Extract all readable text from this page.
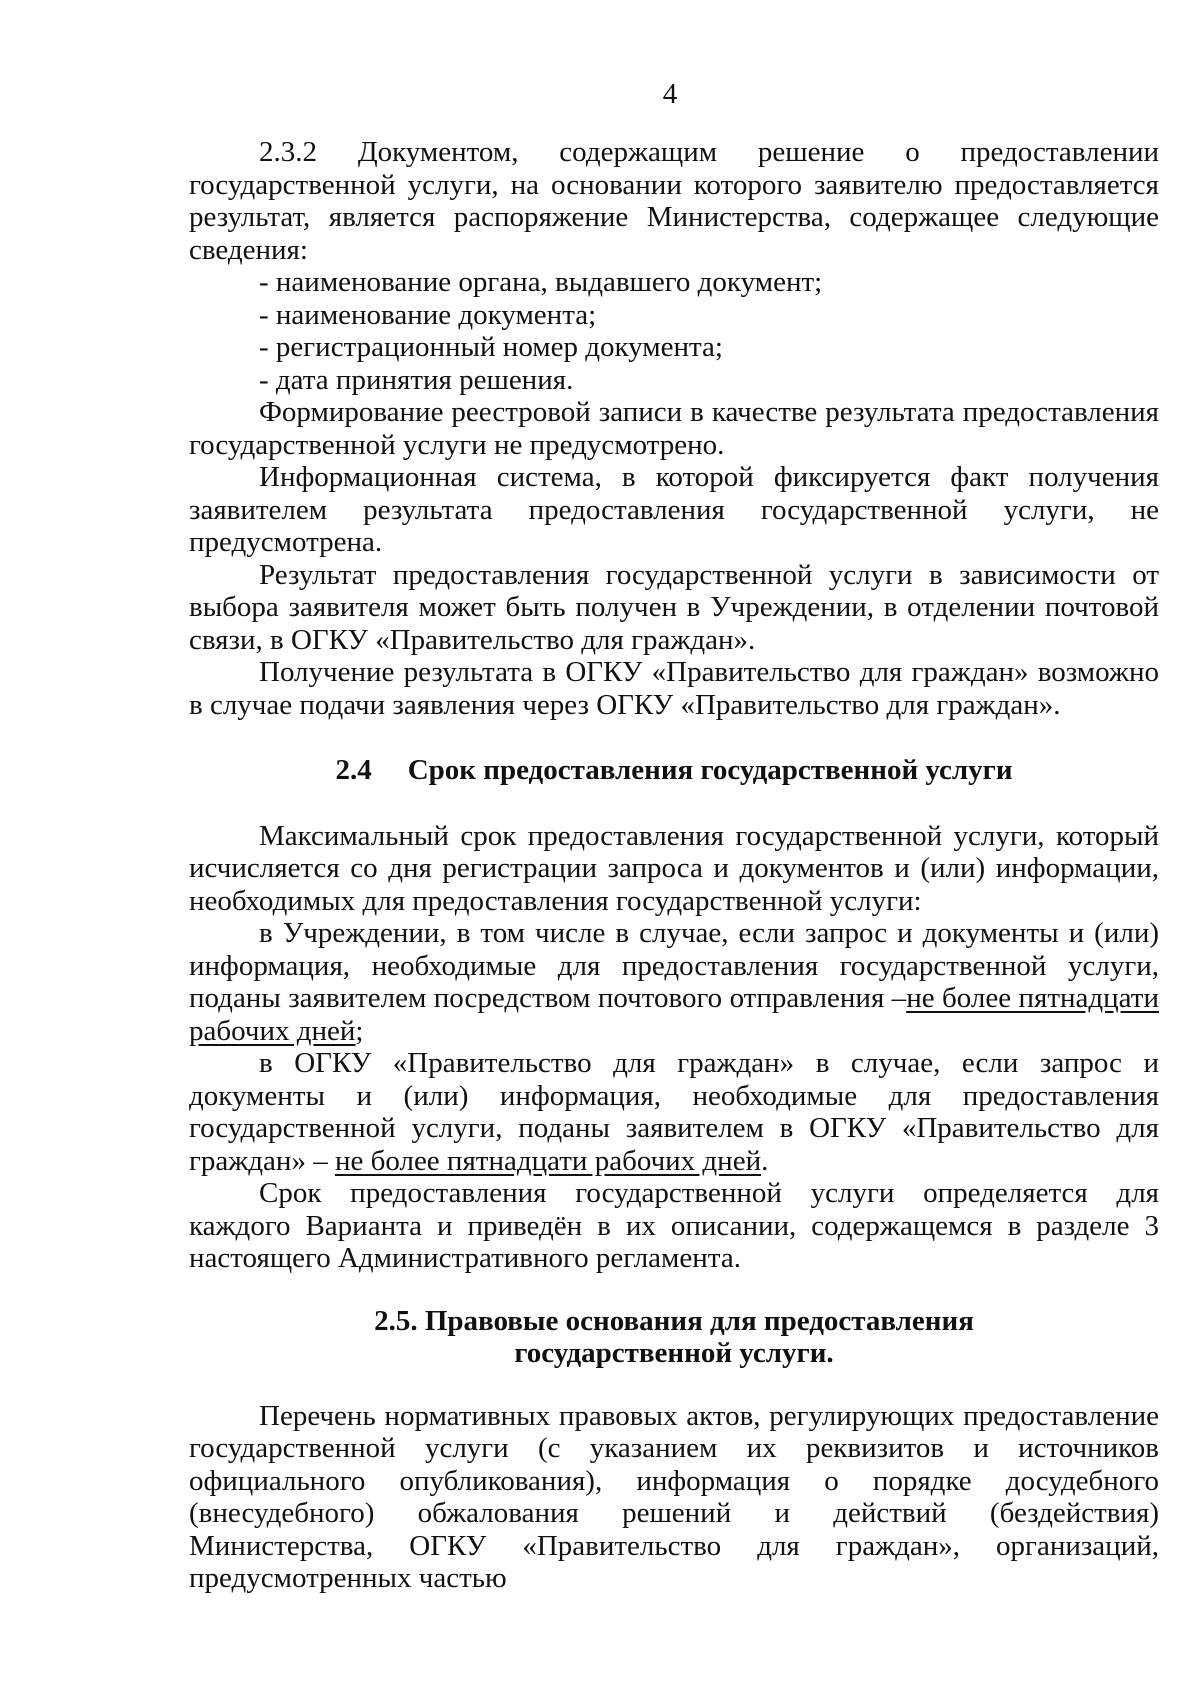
4

2.3.2 Документом, содержащим решение о предоставлении государственной услуги, на основании которого заявителю предоставляется результат, является распоряжение Министерства, содержащее следующие сведения:

- наименование органа, выдавшего документ;

- наименование документа;

- регистрационный номер документа;

- дата принятия решения.

Формирование реестровой записи в качестве результата предоставления государственной услуги не предусмотрено.

Информационная система, в которой фиксируется факт получения заявителем результата предоставления государственной услуги, не предусмотрена.

Результат предоставления государственной услуги в зависимости от выбора заявителя может быть получен в Учреждении, в отделении почтовой связи, в ОГКУ «Правительство для граждан».

Получение результата в ОГКУ «Правительство для граждан» возможно в случае подачи заявления через ОГКУ «Правительство для граждан».

2.4 Срок предоставления государственной услуги

Максимальный срок предоставления государственной услуги, который исчисляется со дня регистрации запроса и документов и (или) информации, необходимых для предоставления государственной услуги:

в Учреждении, в том числе в случае, если запрос и документы и (или) информация, необходимые для предоставления государственной услуги, поданы заявителем посредством почтового отправления –не более пятнадцати рабочих дней;

в ОГКУ «Правительство для граждан» в случае, если запрос и документы и (или) информация, необходимые для предоставления государственной услуги, поданы заявителем в ОГКУ «Правительство для граждан» – не более пятнадцати рабочих дней.

Срок предоставления государственной услуги определяется для каждого Варианта и приведён в их описании, содержащемся в разделе 3 настоящего Административного регламента.

2.5. Правовые основания для предоставления
государственной услуги.

Перечень нормативных правовых актов, регулирующих предоставление государственной услуги (с указанием их реквизитов и источников официального опубликования), информация о порядке досудебного (внесудебного) обжалования решений и действий (бездействия) Министерства, ОГКУ «Правительство для граждан», организаций, предусмотренных частью
